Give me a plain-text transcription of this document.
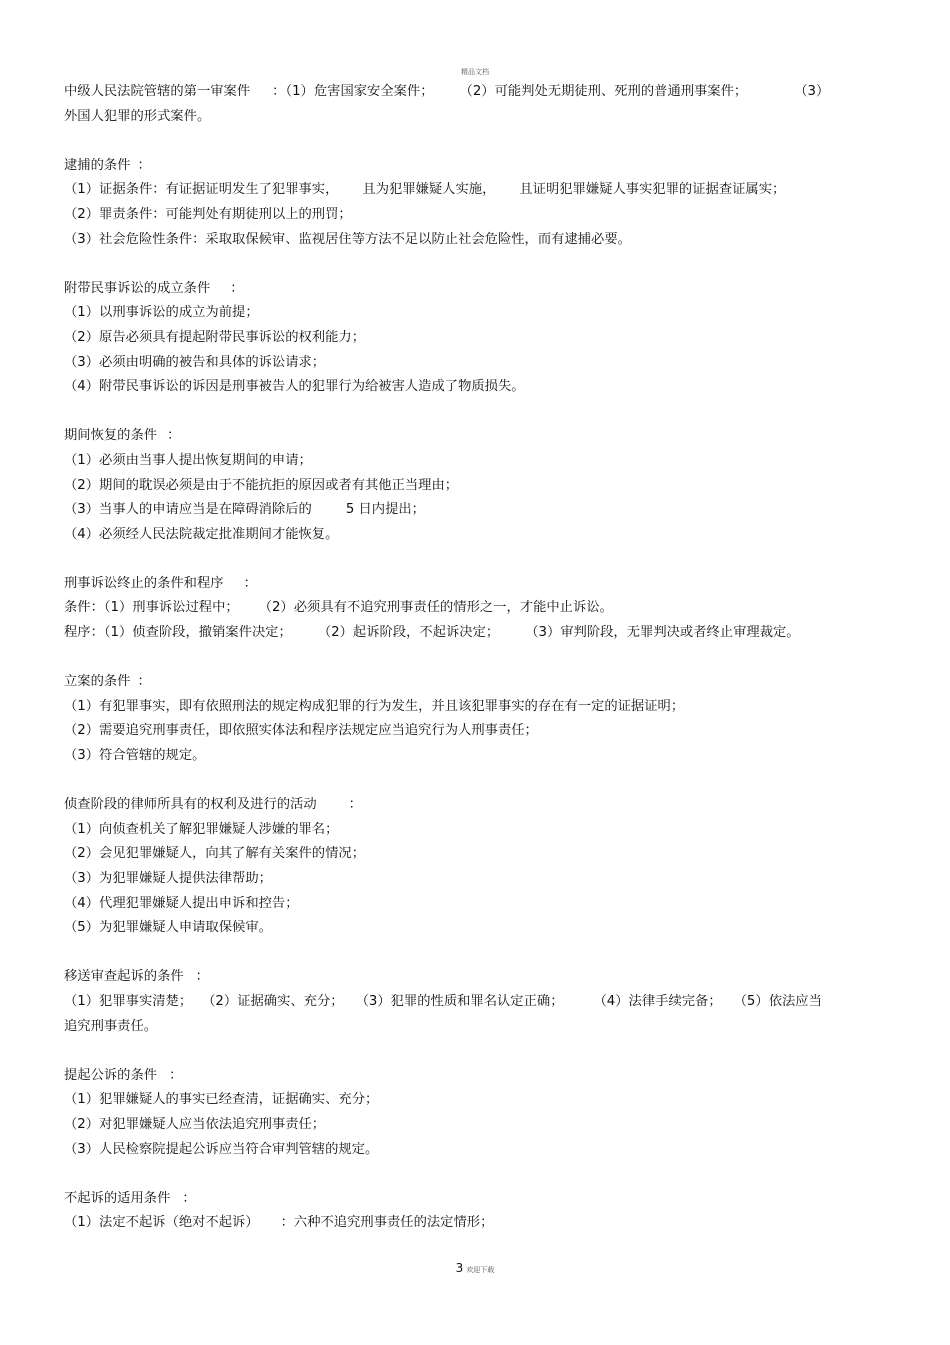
精品文档
中级人民法院管辖的第一审案件 ：（1）危害国家安全案件； （2）可能判处无期徒刑、死刑的普通刑事案件；	（3）
外国人犯罪的形式案件。
逮捕的条件 ：
（1）证据条件：有证据证明发生了犯罪事实， 且为犯罪嫌疑人实施， 且证明犯罪嫌疑人事实犯罪的证据查证属实；
（2）罪责条件：可能判处有期徒刑以上的刑罚；
（3）社会危险性条件：采取取保候审、监视居住等方法不足以防止社会危险性，而有逮捕必要。
附带民事诉讼的成立条件 ：
（1）以刑事诉讼的成立为前提；
（2）原告必须具有提起附带民事诉讼的权利能力；
（3）必须由明确的被告和具体的诉讼请求；
（4）附带民事诉讼的诉因是刑事被告人的犯罪行为给被害人造成了物质损失。
期间恢复的条件 ：
（1）必须由当事人提出恢复期间的申请；
（2）期间的耽误必须是由于不能抗拒的原因或者有其他正当理由；
（3）当事人的申请应当是在障碍消除后的	5 日内提出；
（4）必须经人民法院裁定批准期间才能恢复。
刑事诉讼终止的条件和程序 ：
条件：（1）刑事诉讼过程中； （2）必须具有不追究刑事责任的情形之一，才能中止诉讼。
程序：（1）侦查阶段，撤销案件决定； （2）起诉阶段，不起诉决定； （3）审判阶段，无罪判决或者终止审理裁定。
立案的条件 ：
（1）有犯罪事实，即有依照刑法的规定构成犯罪的行为发生，并且该犯罪事实的存在有一定的证据证明；
（2）需要追究刑事责任，即依照实体法和程序法规定应当追究行为人刑事责任；
（3）符合管辖的规定。
侦查阶段的律师所具有的权利及进行的活动 ：
（1）向侦查机关了解犯罪嫌疑人涉嫌的罪名；
（2）会见犯罪嫌疑人，向其了解有关案件的情况；
（3）为犯罪嫌疑人提供法律帮助；
（4）代理犯罪嫌疑人提出申诉和控告；
（5）为犯罪嫌疑人申请取保候审。
移送审查起诉的条件 ：
（1）犯罪事实清楚； （2）证据确实、充分； （3）犯罪的性质和罪名认定正确； （4）法律手续完备； （5）依法应当
追究刑事责任。
提起公诉的条件 ：
（1）犯罪嫌疑人的事实已经查清，证据确实、充分；
（2）对犯罪嫌疑人应当依法追究刑事责任；
（3）人民检察院提起公诉应当符合审判管辖的规定。
不起诉的适用条件 ：
（1）法定不起诉（绝对不起诉） ：六种不追究刑事责任的法定情形；
3 欢迎下载
